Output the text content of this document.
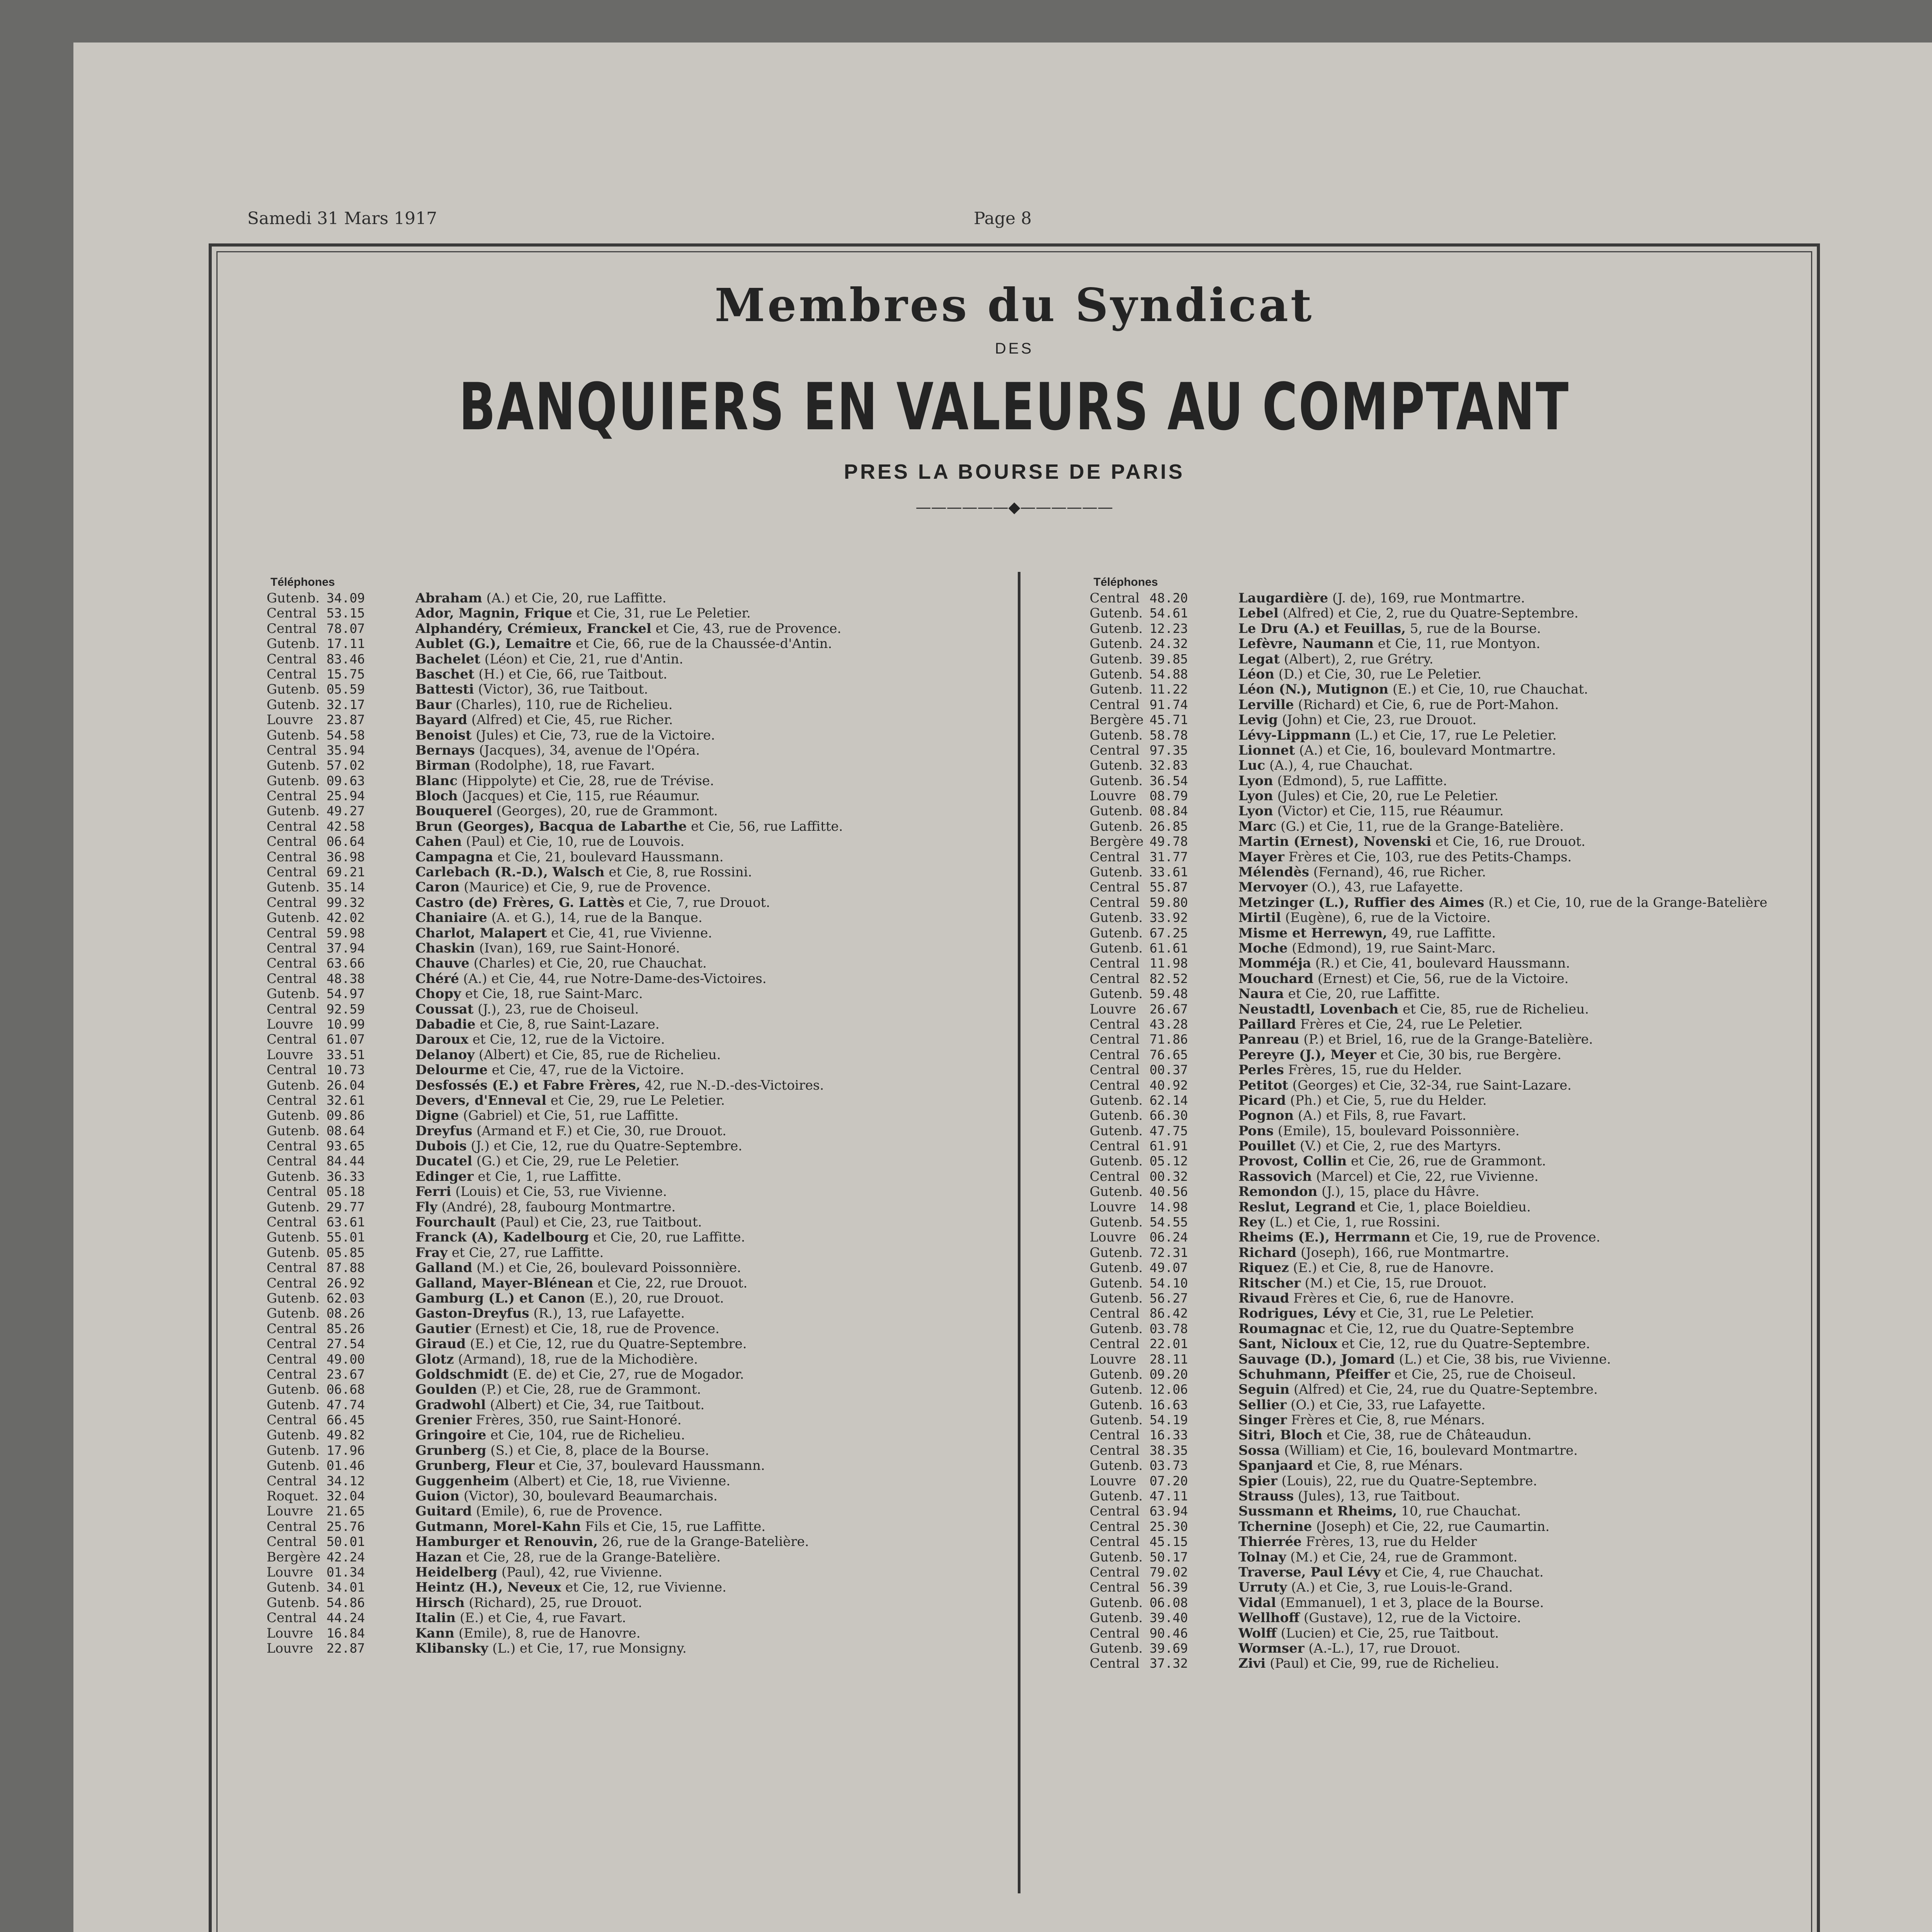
Samedi 31 Mars 1917	Page 8
Membres du Syndicat
DES
BANQUIERS EN VALEURS AU COMPTANT
PRES LA BOURSE DE PARIS
——————◆——————
Téléphones
Gutenb. 34.09	Abraham (A.) et Cie, 20, rue Laffitte.
Central 53.15	Ador, Magnin, Frique et Cie, 31, rue Le Peletier.
Central 78.07	Alphandéry, Crémieux, Franckel et Cie, 43, rue de Provence.
Gutenb. 17.11	Aublet (G.), Lemaitre et Cie, 66, rue de la Chaussée-d'Antin.
Central 83.46	Bachelet (Léon) et Cie, 21, rue d'Antin.
Central 15.75	Baschet (H.) et Cie, 66, rue Taitbout.
Gutenb. 05.59	Battesti (Victor), 36, rue Taitbout.
Gutenb. 32.17	Baur (Charles), 110, rue de Richelieu.
Louvre 23.87	Bayard (Alfred) et Cie, 45, rue Richer.
Gutenb. 54.58	Benoist (Jules) et Cie, 73, rue de la Victoire.
Central 35.94	Bernays (Jacques), 34, avenue de l'Opéra.
Gutenb. 57.02	Birman (Rodolphe), 18, rue Favart.
Gutenb. 09.63	Blanc (Hippolyte) et Cie, 28, rue de Trévise.
Central 25.94	Bloch (Jacques) et Cie, 115, rue Réaumur.
Gutenb. 49.27	Bouquerel (Georges), 20, rue de Grammont.
Central 42.58	Brun (Georges), Bacqua de Labarthe et Cie, 56, rue Laffitte.
Central 06.64	Cahen (Paul) et Cie, 10, rue de Louvois.
Central 36.98	Campagna et Cie, 21, boulevard Haussmann.
Central 69.21	Carlebach (R.-D.), Walsch et Cie, 8, rue Rossini.
Gutenb. 35.14	Caron (Maurice) et Cie, 9, rue de Provence.
Central 99.32	Castro (de) Frères, G. Lattès et Cie, 7, rue Drouot.
Gutenb. 42.02	Chaniaire (A. et G.), 14, rue de la Banque.
Central 59.98	Charlot, Malapert et Cie, 41, rue Vivienne.
Central 37.94	Chaskin (Ivan), 169, rue Saint-Honoré.
Central 63.66	Chauve (Charles) et Cie, 20, rue Chauchat.
Central 48.38	Chéré (A.) et Cie, 44, rue Notre-Dame-des-Victoires.
Gutenb. 54.97	Chopy et Cie, 18, rue Saint-Marc.
Central 92.59	Coussat (J.), 23, rue de Choiseul.
Louvre 10.99	Dabadie et Cie, 8, rue Saint-Lazare.
Central 61.07	Daroux et Cie, 12, rue de la Victoire.
Louvre 33.51	Delanoy (Albert) et Cie, 85, rue de Richelieu.
Central 10.73	Delourme et Cie, 47, rue de la Victoire.
Gutenb. 26.04	Desfossés (E.) et Fabre Frères, 42, rue N.-D.-des-Victoires.
Central 32.61	Devers, d'Enneval et Cie, 29, rue Le Peletier.
Gutenb. 09.86	Digne (Gabriel) et Cie, 51, rue Laffitte.
Gutenb. 08.64	Dreyfus (Armand et F.) et Cie, 30, rue Drouot.
Central 93.65	Dubois (J.) et Cie, 12, rue du Quatre-Septembre.
Central 84.44	Ducatel (G.) et Cie, 29, rue Le Peletier.
Gutenb. 36.33	Edinger et Cie, 1, rue Laffitte.
Central 05.18	Ferri (Louis) et Cie, 53, rue Vivienne.
Gutenb. 29.77	Fly (André), 28, faubourg Montmartre.
Central 63.61	Fourchault (Paul) et Cie, 23, rue Taitbout.
Gutenb. 55.01	Franck (A), Kadelbourg et Cie, 20, rue Laffitte.
Gutenb. 05.85	Fray et Cie, 27, rue Laffitte.
Central 87.88	Galland (M.) et Cie, 26, boulevard Poissonnière.
Central 26.92	Galland, Mayer-Blénean et Cie, 22, rue Drouot.
Gutenb. 62.03	Gamburg (L.) et Canon (E.), 20, rue Drouot.
Gutenb. 08.26	Gaston-Dreyfus (R.), 13, rue Lafayette.
Central 85.26	Gautier (Ernest) et Cie, 18, rue de Provence.
Central 27.54	Giraud (E.) et Cie, 12, rue du Quatre-Septembre.
Central 49.00	Glotz (Armand), 18, rue de la Michodière.
Central 23.67	Goldschmidt (E. de) et Cie, 27, rue de Mogador.
Gutenb. 06.68	Goulden (P.) et Cie, 28, rue de Grammont.
Gutenb. 47.74	Gradwohl (Albert) et Cie, 34, rue Taitbout.
Central 66.45	Grenier Frères, 350, rue Saint-Honoré.
Gutenb. 49.82	Gringoire et Cie, 104, rue de Richelieu.
Gutenb. 17.96	Grunberg (S.) et Cie, 8, place de la Bourse.
Gutenb. 01.46	Grunberg, Fleur et Cie, 37, boulevard Haussmann.
Central 34.12	Guggenheim (Albert) et Cie, 18, rue Vivienne.
Roquet. 32.04	Guion (Victor), 30, boulevard Beaumarchais.
Louvre 21.65	Guitard (Emile), 6, rue de Provence.
Central 25.76	Gutmann, Morel-Kahn Fils et Cie, 15, rue Laffitte.
Central 50.01	Hamburger et Renouvin, 26, rue de la Grange-Batelière.
Bergère 42.24	Hazan et Cie, 28, rue de la Grange-Batelière.
Louvre 01.34	Heidelberg (Paul), 42, rue Vivienne.
Gutenb. 34.01	Heintz (H.), Neveux et Cie, 12, rue Vivienne.
Gutenb. 54.86	Hirsch (Richard), 25, rue Drouot.
Central 44.24	Italin (E.) et Cie, 4, rue Favart.
Louvre 16.84	Kann (Emile), 8, rue de Hanovre.
Louvre 22.87	Klibansky (L.) et Cie, 17, rue Monsigny.
Téléphones
Central 48.20	Laugardière (J. de), 169, rue Montmartre.
Gutenb. 54.61	Lebel (Alfred) et Cie, 2, rue du Quatre-Septembre.
Gutenb. 12.23	Le Dru (A.) et Feuillas, 5, rue de la Bourse.
Gutenb. 24.32	Lefèvre, Naumann et Cie, 11, rue Montyon.
Gutenb. 39.85	Legat (Albert), 2, rue Grétry.
Gutenb. 54.88	Léon (D.) et Cie, 30, rue Le Peletier.
Gutenb. 11.22	Léon (N.), Mutignon (E.) et Cie, 10, rue Chauchat.
Central 91.74	Lerville (Richard) et Cie, 6, rue de Port-Mahon.
Bergère 45.71	Levig (John) et Cie, 23, rue Drouot.
Gutenb. 58.78	Lévy-Lippmann (L.) et Cie, 17, rue Le Peletier.
Central 97.35	Lionnet (A.) et Cie, 16, boulevard Montmartre.
Gutenb. 32.83	Luc (A.), 4, rue Chauchat.
Gutenb. 36.54	Lyon (Edmond), 5, rue Laffitte.
Louvre 08.79	Lyon (Jules) et Cie, 20, rue Le Peletier.
Gutenb. 08.84	Lyon (Victor) et Cie, 115, rue Réaumur.
Gutenb. 26.85	Marc (G.) et Cie, 11, rue de la Grange-Batelière.
Bergère 49.78	Martin (Ernest), Novenski et Cie, 16, rue Drouot.
Central 31.77	Mayer Frères et Cie, 103, rue des Petits-Champs.
Gutenb. 33.61	Mélendès (Fernand), 46, rue Richer.
Central 55.87	Mervoyer (O.), 43, rue Lafayette.
Central 59.80	Metzinger (L.), Ruffier des Aimes (R.) et Cie, 10, rue de la Grange-Batelière
Gutenb. 33.92	Mirtil (Eugène), 6, rue de la Victoire.
Gutenb. 67.25	Misme et Herrewyn, 49, rue Laffitte.
Gutenb. 61.61	Moche (Edmond), 19, rue Saint-Marc.
Central 11.98	Momméja (R.) et Cie, 41, boulevard Haussmann.
Central 82.52	Mouchard (Ernest) et Cie, 56, rue de la Victoire.
Gutenb. 59.48	Naura et Cie, 20, rue Laffitte.
Louvre 26.67	Neustadtl, Lovenbach et Cie, 85, rue de Richelieu.
Central 43.28	Paillard Frères et Cie, 24, rue Le Peletier.
Central 71.86	Panreau (P.) et Briel, 16, rue de la Grange-Batelière.
Central 76.65	Pereyre (J.), Meyer et Cie, 30 bis, rue Bergère.
Central 00.37	Perles Frères, 15, rue du Helder.
Central 40.92	Petitot (Georges) et Cie, 32-34, rue Saint-Lazare.
Gutenb. 62.14	Picard (Ph.) et Cie, 5, rue du Helder.
Gutenb. 66.30	Pognon (A.) et Fils, 8, rue Favart.
Gutenb. 47.75	Pons (Emile), 15, boulevard Poissonnière.
Central 61.91	Pouillet (V.) et Cie, 2, rue des Martyrs.
Gutenb. 05.12	Provost, Collin et Cie, 26, rue de Grammont.
Central 00.32	Rassovich (Marcel) et Cie, 22, rue Vivienne.
Gutenb. 40.56	Remondon (J.), 15, place du Hâvre.
Louvre 14.98	Reslut, Legrand et Cie, 1, place Boieldieu.
Gutenb. 54.55	Rey (L.) et Cie, 1, rue Rossini.
Louvre 06.24	Rheims (E.), Herrmann et Cie, 19, rue de Provence.
Gutenb. 72.31	Richard (Joseph), 166, rue Montmartre.
Gutenb. 49.07	Riquez (E.) et Cie, 8, rue de Hanovre.
Gutenb. 54.10	Ritscher (M.) et Cie, 15, rue Drouot.
Gutenb. 56.27	Rivaud Frères et Cie, 6, rue de Hanovre.
Central 86.42	Rodrigues, Lévy et Cie, 31, rue Le Peletier.
Gutenb. 03.78	Roumagnac et Cie, 12, rue du Quatre-Septembre
Central 22.01	Sant, Nicloux et Cie, 12, rue du Quatre-Septembre.
Louvre 28.11	Sauvage (D.), Jomard (L.) et Cie, 38 bis, rue Vivienne.
Gutenb. 09.20	Schuhmann, Pfeiffer et Cie, 25, rue de Choiseul.
Gutenb. 12.06	Seguin (Alfred) et Cie, 24, rue du Quatre-Septembre.
Gutenb. 16.63	Sellier (O.) et Cie, 33, rue Lafayette.
Gutenb. 54.19	Singer Frères et Cie, 8, rue Ménars.
Central 16.33	Sitri, Bloch et Cie, 38, rue de Châteaudun.
Central 38.35	Sossa (William) et Cie, 16, boulevard Montmartre.
Gutenb. 03.73	Spanjaard et Cie, 8, rue Ménars.
Louvre 07.20	Spier (Louis), 22, rue du Quatre-Septembre.
Gutenb. 47.11	Strauss (Jules), 13, rue Taitbout.
Central 63.94	Sussmann et Rheims, 10, rue Chauchat.
Central 25.30	Tchernine (Joseph) et Cie, 22, rue Caumartin.
Central 45.15	Thierrée Frères, 13, rue du Helder
Gutenb. 50.17	Tolnay (M.) et Cie, 24, rue de Grammont.
Central 79.02	Traverse, Paul Lévy et Cie, 4, rue Chauchat.
Central 56.39	Urruty (A.) et Cie, 3, rue Louis-le-Grand.
Gutenb. 06.08	Vidal (Emmanuel), 1 et 3, place de la Bourse.
Gutenb. 39.40	Wellhoff (Gustave), 12, rue de la Victoire.
Central 90.46	Wolff (Lucien) et Cie, 25, rue Taitbout.
Gutenb. 39.69	Wormser (A.-L.), 17, rue Drouot.
Central 37.32	Zivi (Paul) et Cie, 99, rue de Richelieu.
